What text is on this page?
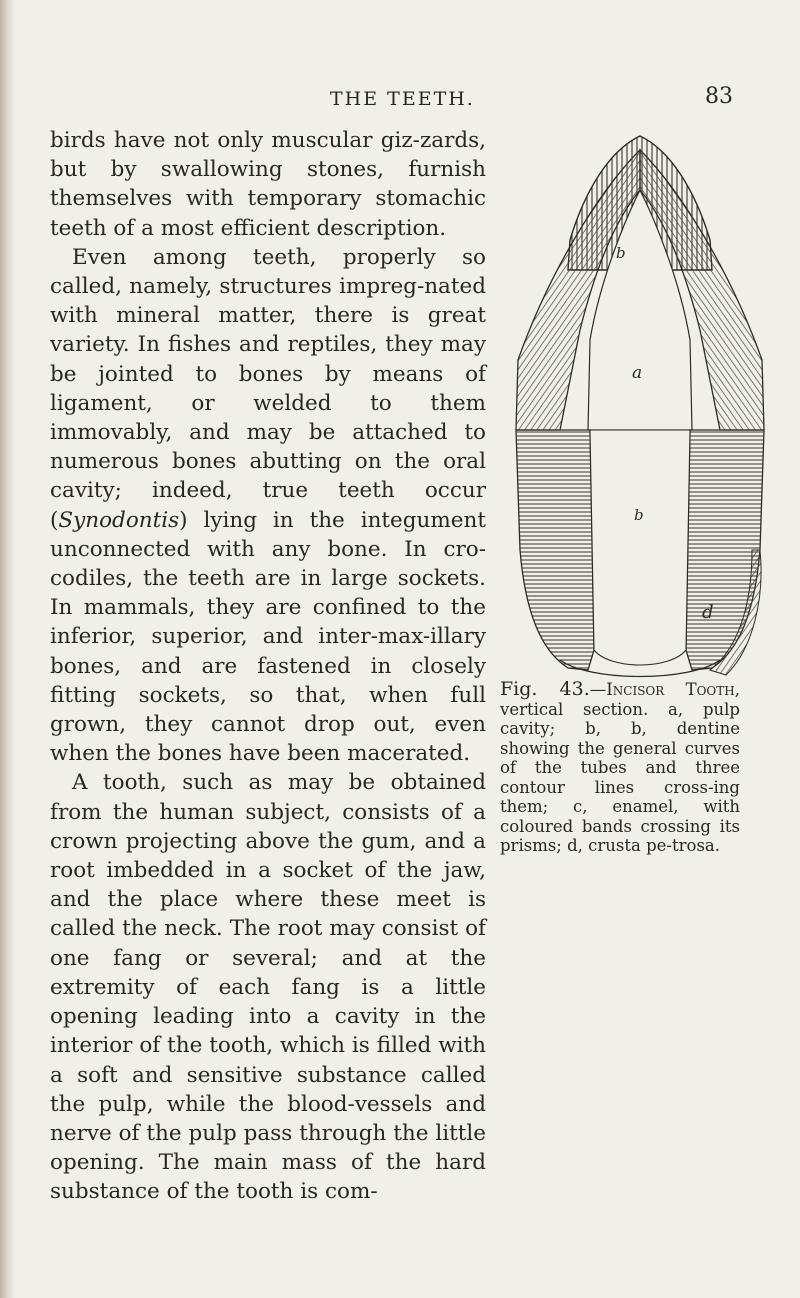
THE TEETH.	83

birds have not only muscular giz-zards, but by swallowing stones, furnish themselves with temporary stomachic teeth of a most efficient description.

Even among teeth, properly so called, namely, structures impreg-nated with mineral matter, there is great variety. In fishes and reptiles, they may be jointed to bones by means of ligament, or welded to them immovably, and may be attached to numerous bones abutting on the oral cavity; indeed, true teeth occur (Synodontis) lying in the integument unconnected with any bone. In cro-codiles, the teeth are in large sockets. In mammals, they are confined to the inferior, superior, and inter-max-illary bones, and are fastened in closely fitting sockets, so that, when full grown, they cannot drop out, even when the bones have been macerated.

A tooth, such as may be obtained from the human subject, consists of a crown projecting above the gum, and a root imbedded in a socket of the jaw, and the place where these meet is called the neck. The root may consist of one fang or several; and at the extremity of each fang is a little opening leading into a cavity in the interior of the tooth, which is filled with a soft and sensitive substance called the pulp, while the blood-vessels and nerve of the pulp pass through the little opening. The main mass of the hard substance of the tooth is com-

a
b
b
d
Fig. 43.—Incisor Tooth, vertical section. a, pulp cavity; b, b, dentine showing the general curves of the tubes and three contour lines cross-ing them; c, enamel, with coloured bands crossing its prisms; d, crusta pe-trosa.
